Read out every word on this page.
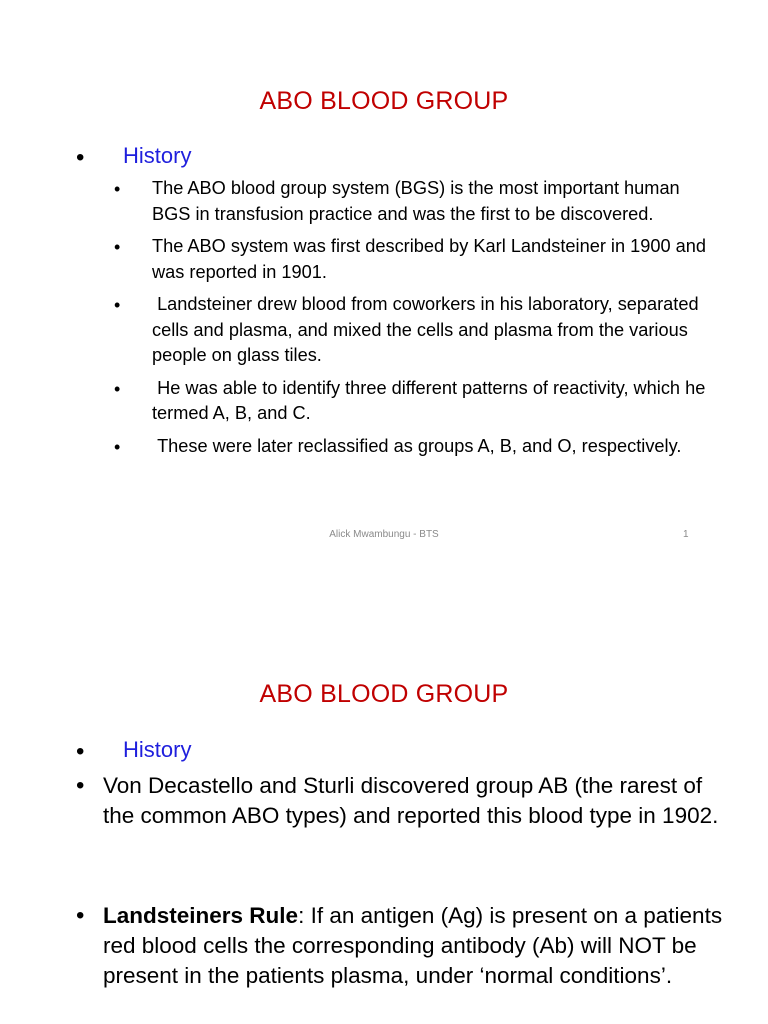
ABO BLOOD GROUP
• History
• The ABO blood group system (BGS) is the most important human BGS in transfusion practice and was the first to be discovered.
• The ABO system was first described by Karl Landsteiner in 1900 and was reported in 1901.
• Landsteiner drew blood from coworkers in his laboratory, separated cells and plasma, and mixed the cells and plasma from the various people on glass tiles.
• He was able to identify three different patterns of reactivity, which he termed A, B, and C.
• These were later reclassified as groups A, B, and O, respectively.
Alick Mwambungu - BTS	1
ABO BLOOD GROUP
• History
• Von Decastello and Sturli discovered group AB (the rarest of the common ABO types) and reported this blood type in 1902.
• Landsteiners Rule: If an antigen (Ag) is present on a patients red blood cells the corresponding antibody (Ab) will NOT be present in the patients plasma, under ‘normal conditions’.
